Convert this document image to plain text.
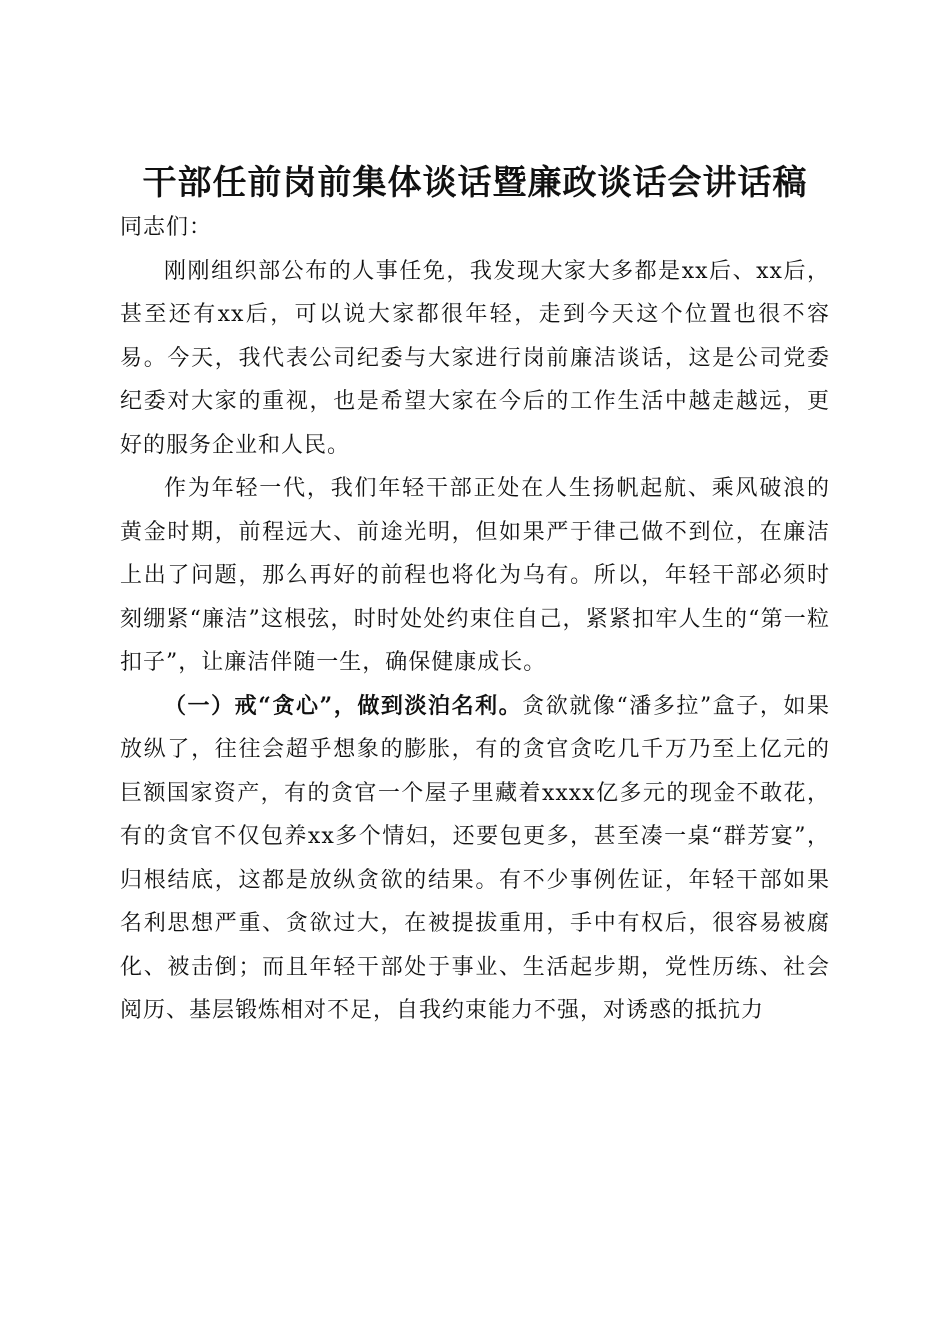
干部任前岗前集体谈话暨廉政谈话会讲话稿

同志们：

刚刚组织部公布的人事任免，我发现大家大多都是xx后、xx后，甚至还有xx后，可以说大家都很年轻，走到今天这个位置也很不容易。今天，我代表公司纪委与大家进行岗前廉洁谈话，这是公司党委纪委对大家的重视，也是希望大家在今后的工作生活中越走越远，更好的服务企业和人民。

作为年轻一代，我们年轻干部正处在人生扬帆起航、乘风破浪的黄金时期，前程远大、前途光明，但如果严于律己做不到位，在廉洁上出了问题，那么再好的前程也将化为乌有。所以，年轻干部必须时刻绷紧“廉洁”这根弦，时时处处约束住自己，紧紧扣牢人生的“第一粒扣子”，让廉洁伴随一生，确保健康成长。

（一）戒“贪心”，做到淡泊名利。贪欲就像“潘多拉”盒子，如果放纵了，往往会超乎想象的膨胀，有的贪官贪吃几千万乃至上亿元的巨额国家资产，有的贪官一个屋子里藏着xxxx亿多元的现金不敢花，有的贪官不仅包养xx多个情妇，还要包更多，甚至凑一桌“群芳宴”，归根结底，这都是放纵贪欲的结果。有不少事例佐证，年轻干部如果名利思想严重、贪欲过大，在被提拔重用，手中有权后，很容易被腐化、被击倒；而且年轻干部处于事业、生活起步期，党性历练、社会阅历、基层锻炼相对不足，自我约束能力不强，对诱惑的抵抗力
